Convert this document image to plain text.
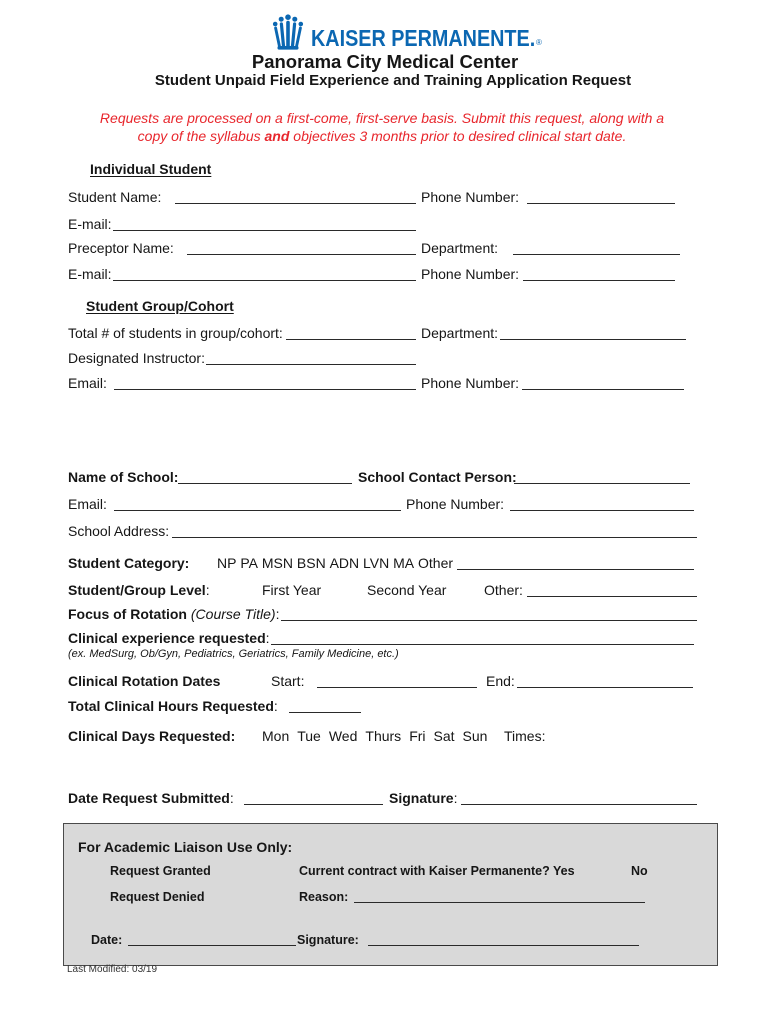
KAISER PERMANENTE. ®
Panorama City Medical Center
Student Unpaid Field Experience and Training Application Request
Requests are processed on a first-come, first-serve basis. Submit this request, along with a
copy of the syllabus and objectives 3 months prior to desired clinical start date.
Individual Student
Student Name:	Phone Number:
E-mail:
Preceptor Name:	Department:
E-mail:	Phone Number:
Student Group/Cohort
Total # of students in group/cohort:	Department:
Designated Instructor:
Email:	Phone Number:
Name of School:	School Contact Person:
Email:	Phone Number:
School Address:
Student Category: NP PA MSN BSN ADN LVN MA Other
Student/Group Level:	First Year	Second Year	Other:
Focus of Rotation (Course Title):
Clinical experience requested:
(ex. MedSurg, Ob/Gyn, Pediatrics, Geriatrics, Family Medicine, etc.)
Clinical Rotation Dates	Start:	End:
Total Clinical Hours Requested:
Clinical Days Requested: Mon Tue Wed Thurs Fri Sat Sun Times:
Date Request Submitted:	Signature:
For Academic Liaison Use Only:
Request Granted	Current contract with Kaiser Permanente? Yes	No
Request Denied	Reason:
Date:	Signature:
Last Modified: 03/19
